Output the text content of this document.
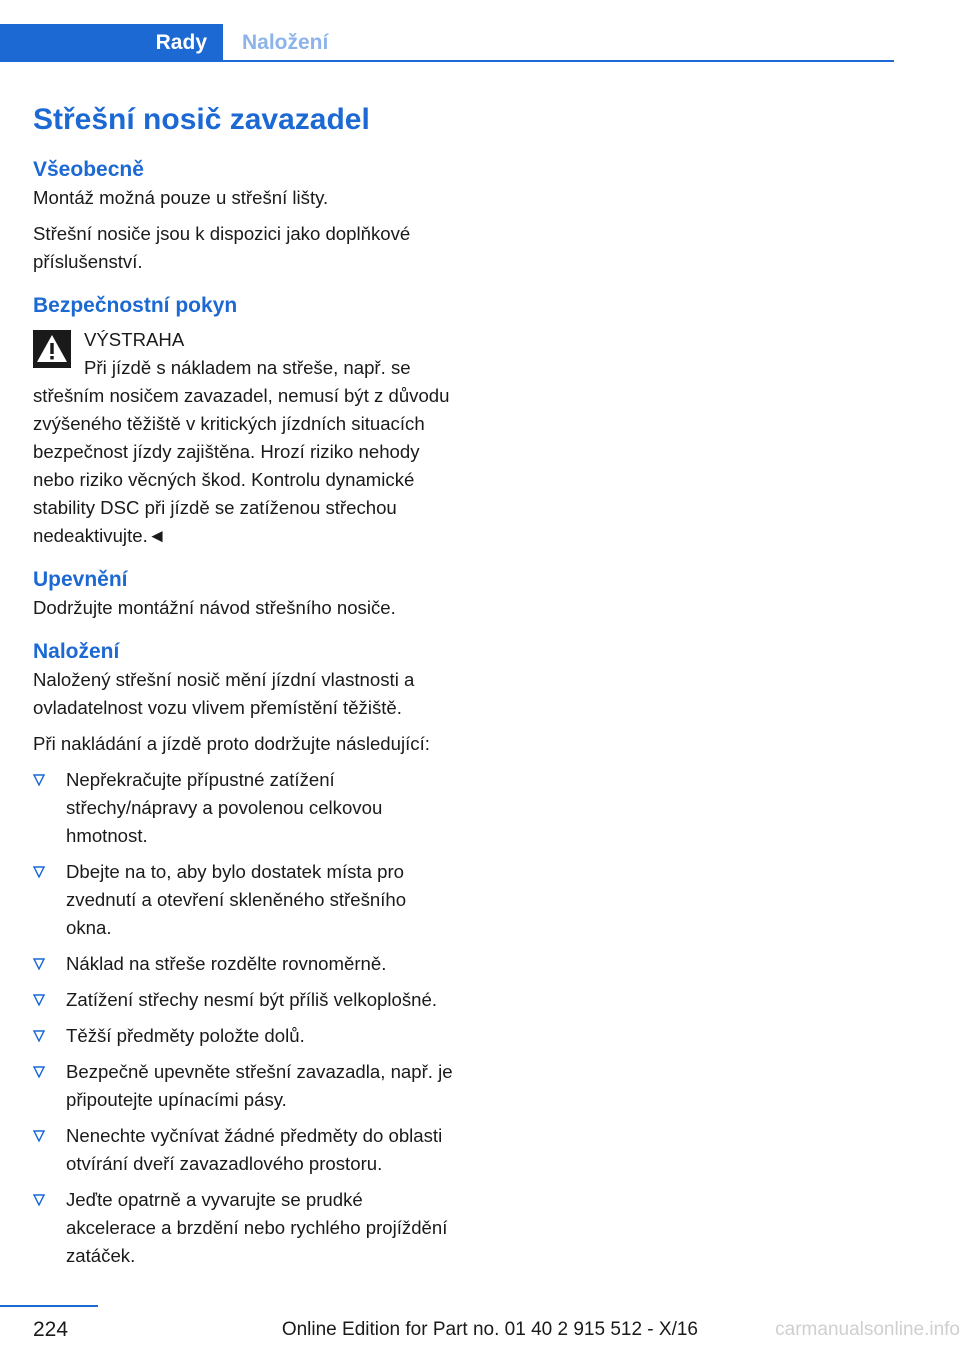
Rady	Naložení
Střešní nosič zavazadel
Všeobecně

Montáž možná pouze u střešní lišty.

Střešní nosiče jsou k dispozici jako doplňkové příslušenství.

Bezpečnostní pokyn
VÝSTRAHA
Při jízdě s nákladem na střeše, např. se
střešním nosičem zavazadel, nemusí být z důvodu zvýšeného těžiště v kritických jízdních situacích bezpečnost jízdy zajištěna. Hrozí riziko nehody nebo riziko věcných škod. Kontrolu dynamické stability DSC při jízdě se zatíženou střechou nedeaktivujte.◄
Upevnění

Dodržujte montážní návod střešního nosiče.

Naložení

Naložený střešní nosič mění jízdní vlastnosti a ovladatelnost vozu vlivem přemístění těžiště.

Při nakládání a jízdě proto dodržujte následující:

Nepřekračujte přípustné zatížení střechy/nápravy a povolenou celkovou hmotnost.
Dbejte na to, aby bylo dostatek místa pro zvednutí a otevření skleněného střešního okna.
Náklad na střeše rozdělte rovnoměrně.
Zatížení střechy nesmí být příliš velkoplošné.
Těžší předměty položte dolů.
Bezpečně upevněte střešní zavazadla, např. je připoutejte upínacími pásy.
Nenechte vyčnívat žádné předměty do oblasti otvírání dveří zavazadlového prostoru.
Jeďte opatrně a vyvarujte se prudké akcelerace a brzdění nebo rychlého projíždění zatáček.
224	Online Edition for Part no. 01 40 2 915 512 - X/16	carmanualsonline.info
